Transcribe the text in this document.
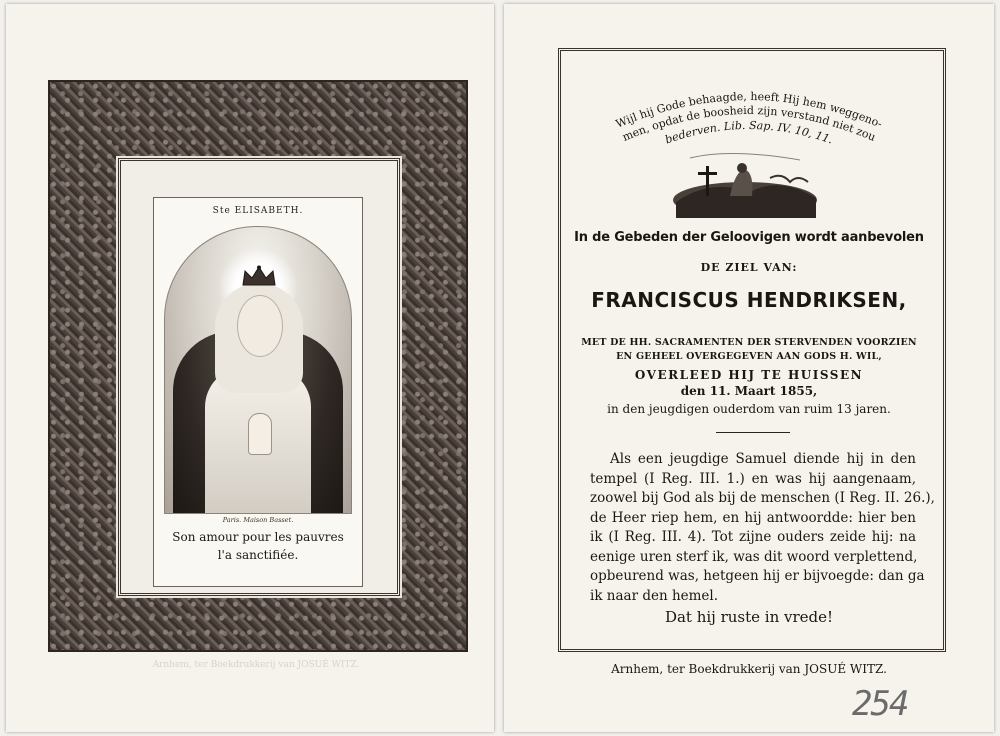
Ste ELISABETH.
Paris. Maison Basset.
Son amour pour les pauvres
l'a sanctifiée.
Arnhem, ter Boekdrukkerij van JOSUÉ WITZ.
Wijl hij Gode behaagde, heeft Hij hem weggeno-
men, opdat de boosheid zijn verstand niet zou
bederven. Lib. Sap. IV. 10, 11.
In de Gebeden der Geloovigen wordt aanbevolen
DE ZIEL VAN:
FRANCISCUS HENDRIKSEN,
MET DE HH. SACRAMENTEN DER STERVENDEN VOORZIEN
EN GEHEEL OVERGEGEVEN AAN GODS H. WIL,
OVERLEED HIJ TE HUISSEN
den 11. Maart 1855,
in den jeugdigen ouderdom van ruim 13 jaren.
Als een jeugdige Samuel diende hij in den
tempel (I Reg. III. 1.) en was hij aangenaam,
zoowel bij God als bij de menschen (I Reg. II. 26.),
de Heer riep hem, en hij antwoordde: hier ben
ik (I Reg. III. 4). Tot zijne ouders zeide hij: na
eenige uren sterf ik, was dit woord verplettend,
opbeurend was, hetgeen hij er bijvoegde: dan ga
ik naar den hemel.
Dat hij ruste in vrede!
Arnhem, ter Boekdrukkerij van JOSUÉ WITZ.
254
